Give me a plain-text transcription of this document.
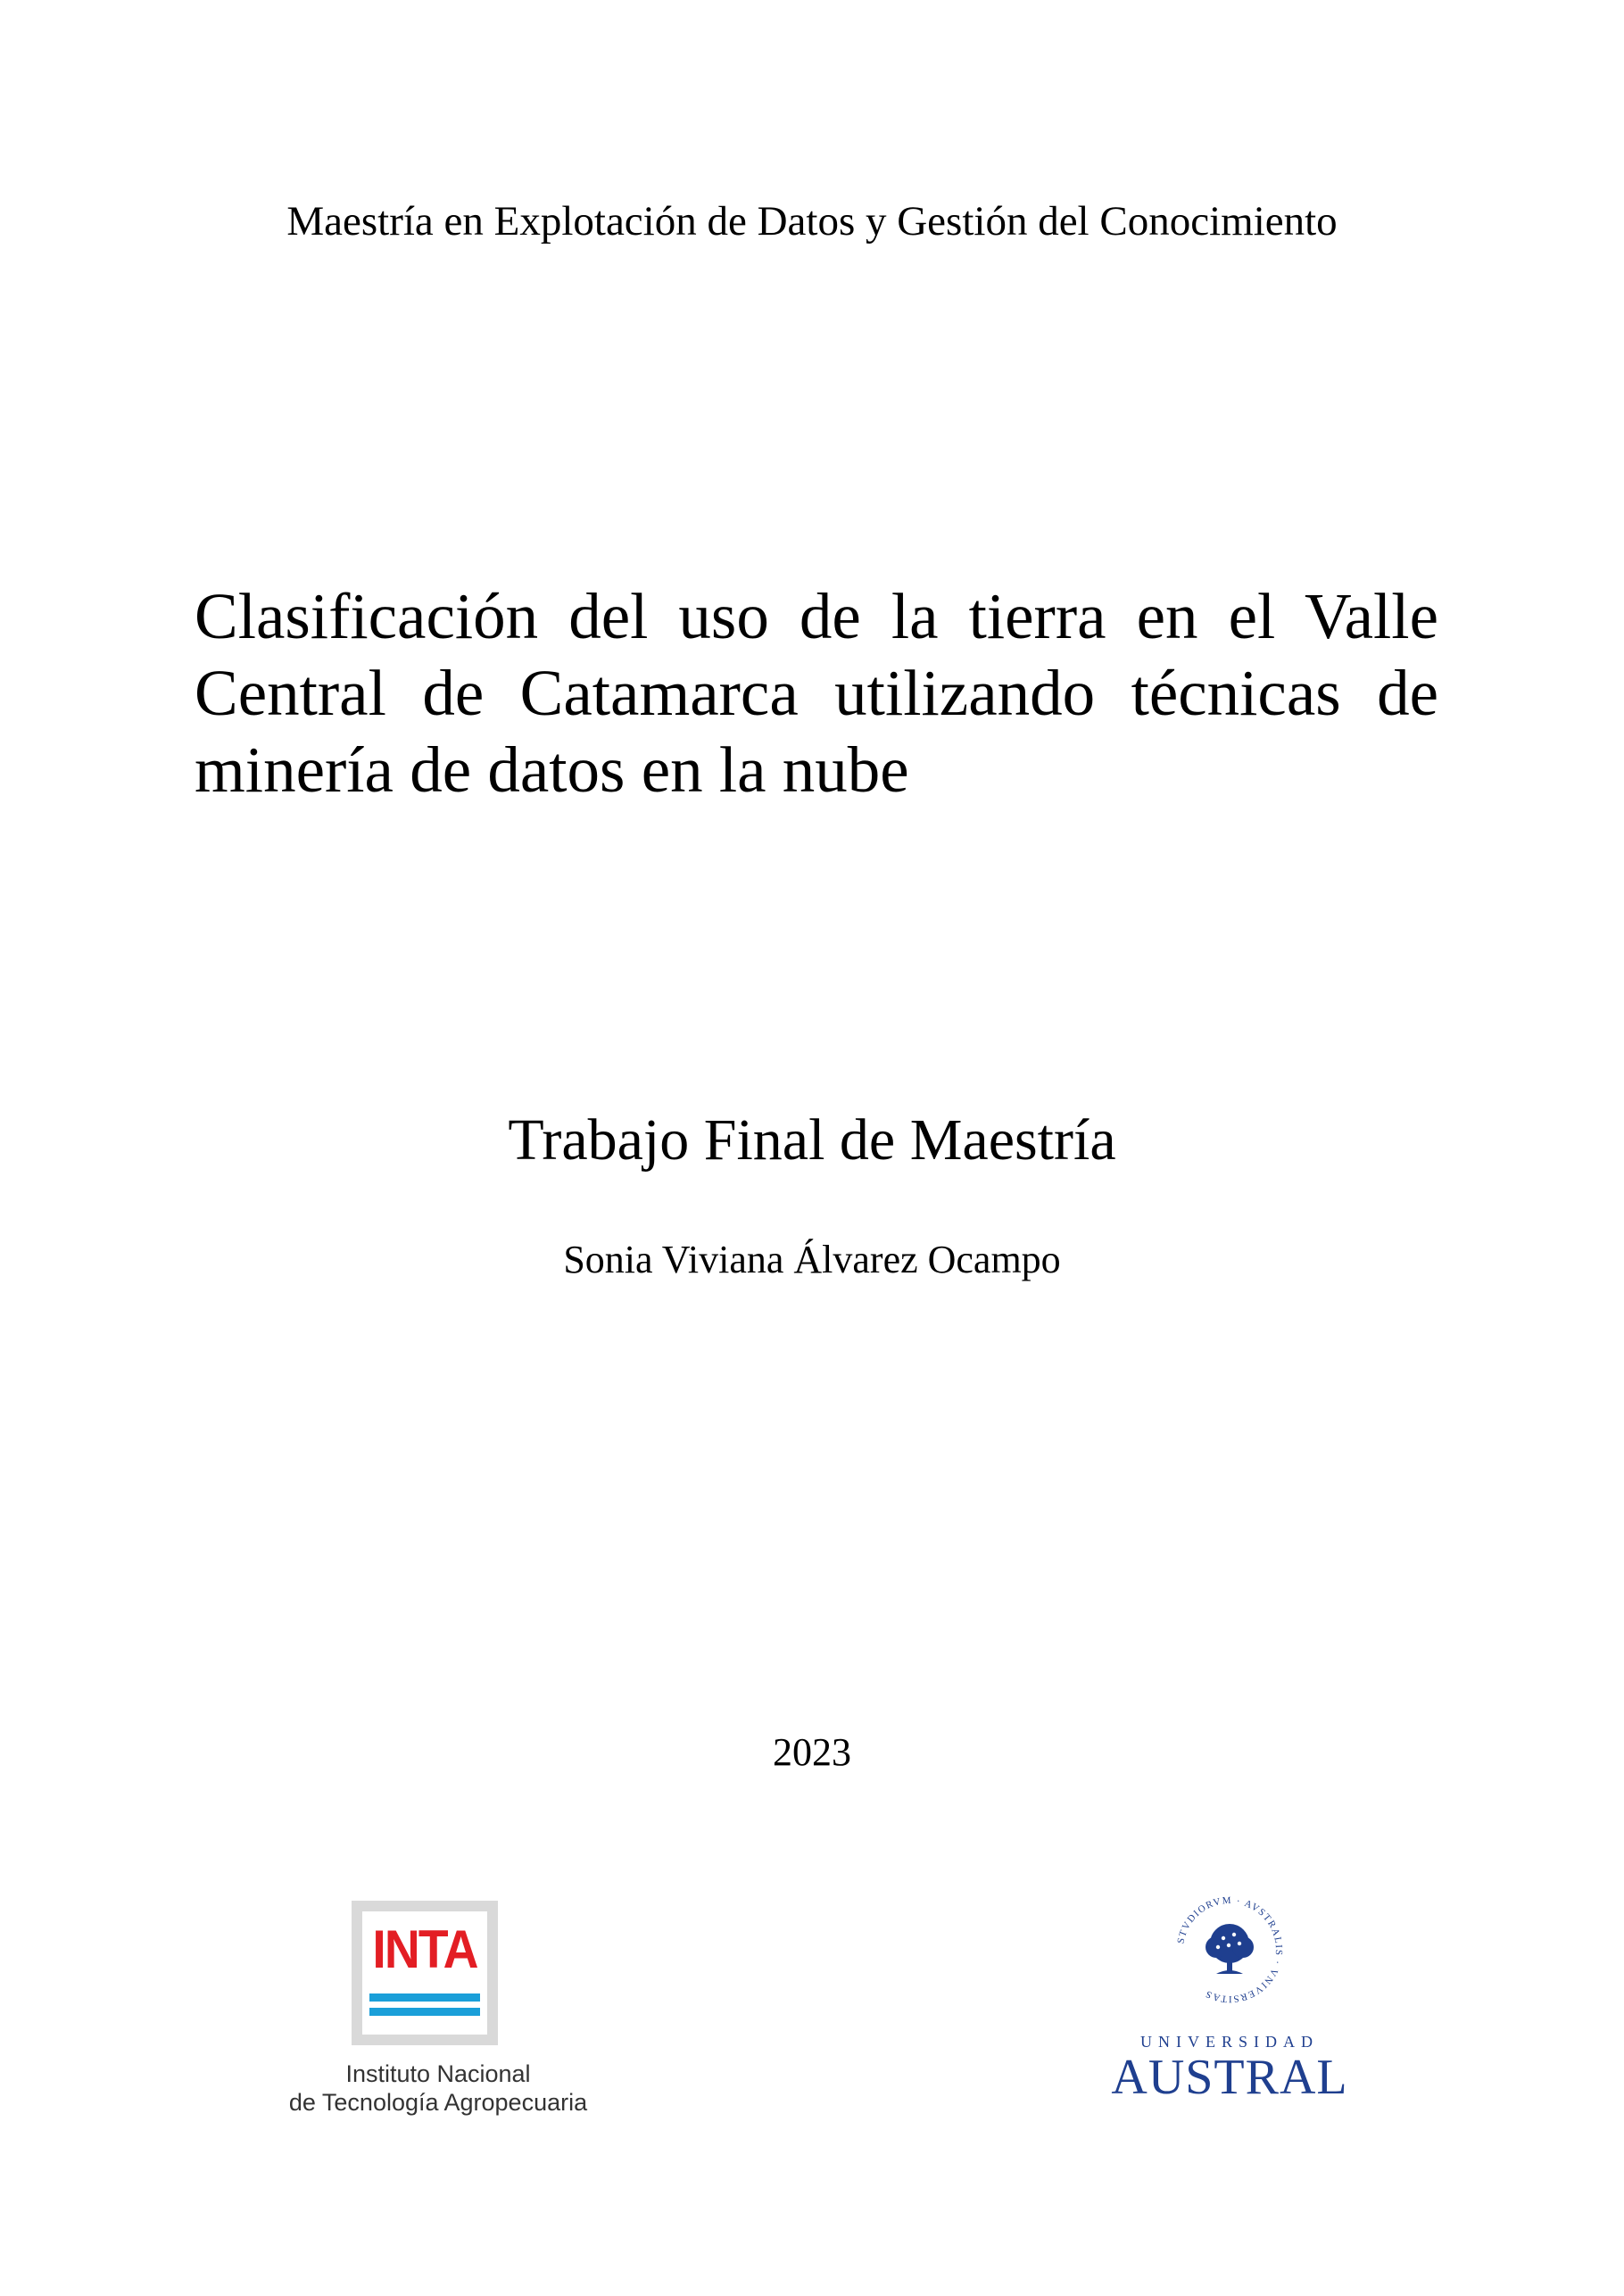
Maestría en Explotación de Datos y Gestión del Conocimiento
Clasificación del uso de la tierra en el Valle Central de Catamarca utilizando técnicas de minería de datos en la nube
Trabajo Final de Maestría
Sonia Viviana Álvarez Ocampo
2023
INTA
Instituto Nacional
de Tecnología Agropecuaria
STVDIORVM · AVSTRALIS · VNIVERSITAS
UNIVERSIDAD
AUSTRAL
